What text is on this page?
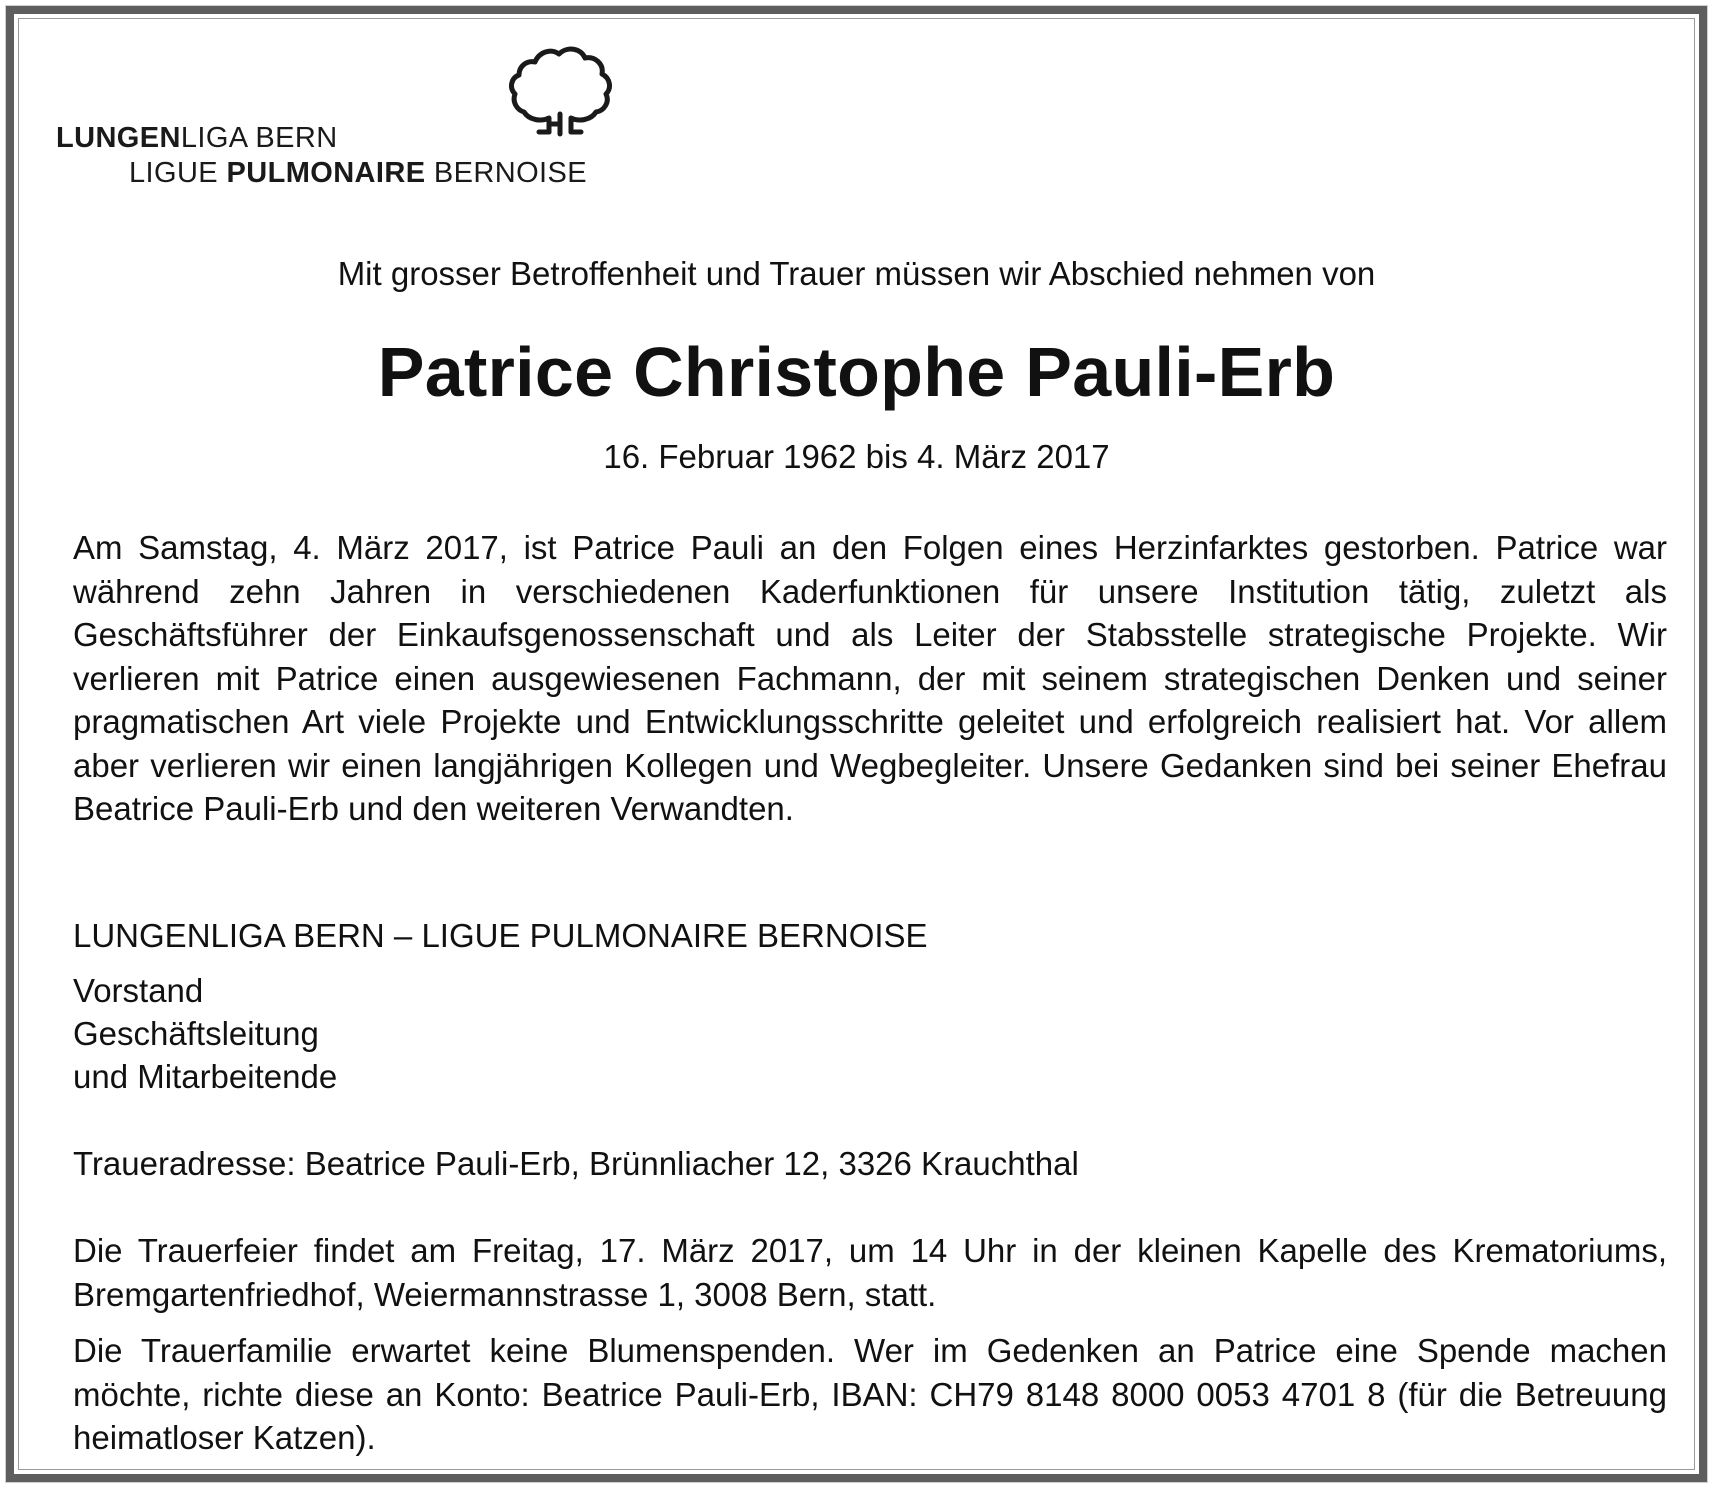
LUNGENLIGA BERN
LIGUE PULMONAIRE BERNOISE
Mit grosser Betroffenheit und Trauer müssen wir Abschied nehmen von
Patrice Christophe Pauli-Erb
16. Februar 1962 bis 4. März 2017
Am Samstag, 4. März 2017, ist Patrice Pauli an den Folgen eines Herzinfarktes gestorben. Patrice war während zehn Jahren in verschiedenen Kaderfunktionen für unsere Institution tätig, zuletzt als Geschäftsführer der Einkaufsgenossenschaft und als Leiter der Stabsstelle strategische Projekte. Wir verlieren mit Patrice einen ausgewiesenen Fachmann, der mit seinem strategischen Denken und seiner pragmatischen Art viele Projekte und Entwicklungsschritte geleitet und erfolgreich realisiert hat. Vor allem aber verlieren wir einen langjährigen Kollegen und Wegbegleiter. Unsere Gedanken sind bei seiner Ehefrau Beatrice Pauli-Erb und den weiteren Verwandten.
LUNGENLIGA BERN – LIGUE PULMONAIRE BERNOISE
Vorstand
Geschäftsleitung
und Mitarbeitende
Traueradresse: Beatrice Pauli-Erb, Brünnliacher 12, 3326 Krauchthal
Die Trauerfeier findet am Freitag, 17. März 2017, um 14 Uhr in der kleinen Kapelle des Krematoriums, Bremgartenfriedhof, Weiermannstrasse 1, 3008 Bern, statt.
Die Trauerfamilie erwartet keine Blumenspenden. Wer im Gedenken an Patrice eine Spende machen möchte, richte diese an Konto: Beatrice Pauli-Erb, IBAN: CH79 8148 8000 0053 4701 8 (für die Betreuung heimatloser Katzen).
